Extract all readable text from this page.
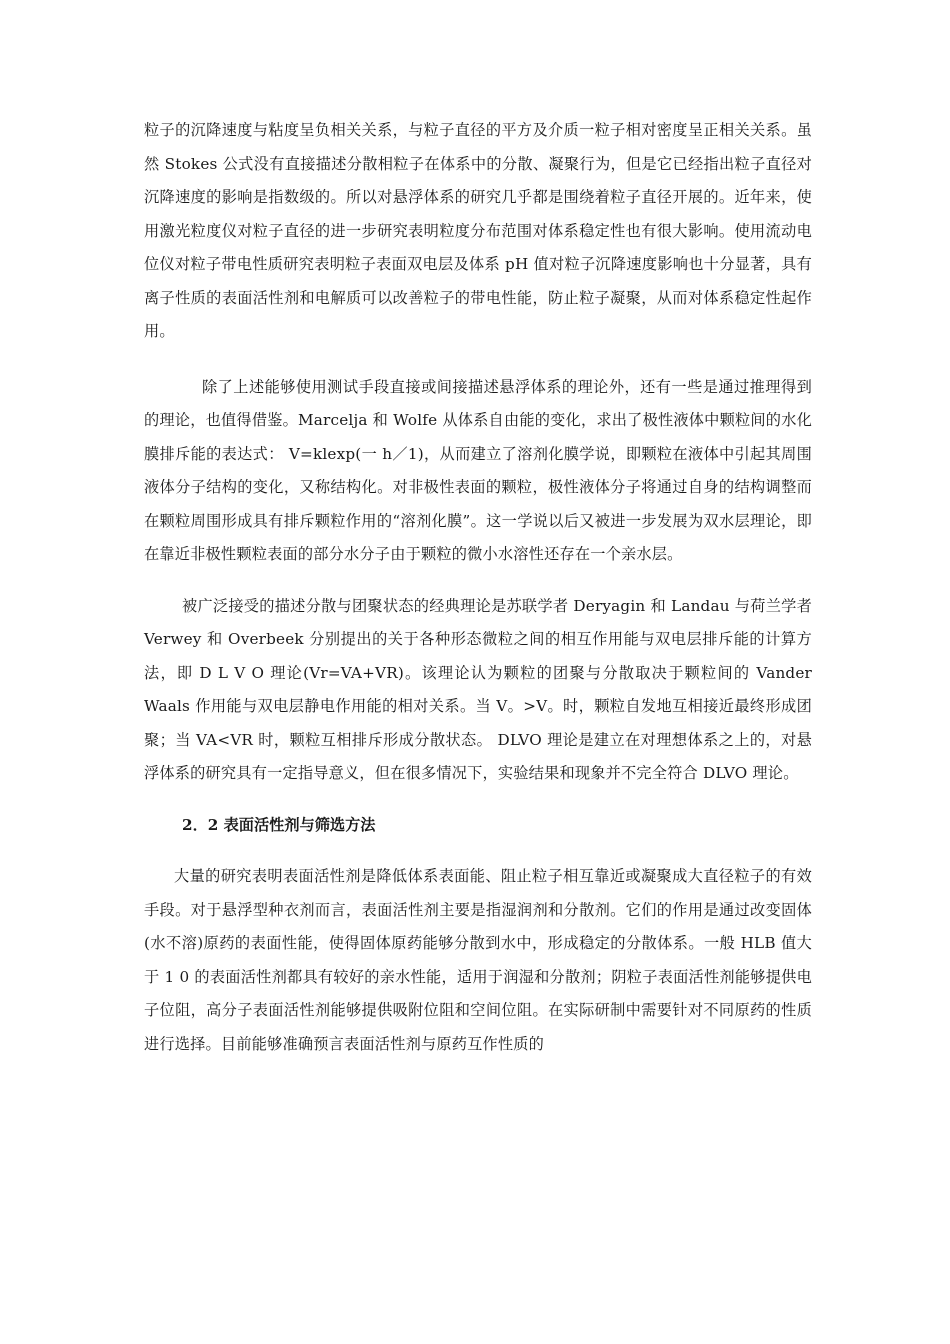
粒子的沉降速度与粘度呈负相关关系，与粒子直径的平方及介质一粒子相对密度呈正相关关系。虽然 Stokes 公式没有直接描述分散相粒子在体系中的分散、凝聚行为，但是它已经指出粒子直径对沉降速度的影响是指数级的。所以对悬浮体系的研究几乎都是围绕着粒子直径开展的。近年来，使用激光粒度仪对粒子直径的进一步研究表明粒度分布范围对体系稳定性也有很大影响。使用流动电位仪对粒子带电性质研究表明粒子表面双电层及体系 pH 值对粒子沉降速度影响也十分显著，具有离子性质的表面活性剂和电解质可以改善粒子的带电性能，防止粒子凝聚，从而对体系稳定性起作用。

除了上述能够使用测试手段直接或间接描述悬浮体系的理论外，还有一些是通过推理得到的理论，也值得借鉴。Marcelja 和 Wolfe 从体系自由能的变化，求出了极性液体中颗粒间的水化膜排斥能的表达式： V=klexp(一 h／1)，从而建立了溶剂化膜学说，即颗粒在液体中引起其周围液体分子结构的变化，又称结构化。对非极性表面的颗粒，极性液体分子将通过自身的结构调整而在颗粒周围形成具有排斥颗粒作用的“溶剂化膜”。这一学说以后又被进一步发展为双水层理论，即在靠近非极性颗粒表面的部分水分子由于颗粒的微小水溶性还存在一个亲水层。

被广泛接受的描述分散与团聚状态的经典理论是苏联学者 Deryagin 和 Landau 与荷兰学者 Verwey 和 Overbeek 分别提出的关于各种形态微粒之间的相互作用能与双电层排斥能的计算方法，即 D L V O 理论(Vr=VA+VR)。该理论认为颗粒的团聚与分散取决于颗粒间的 Vander Waals 作用能与双电层静电作用能的相对关系。当 V。>V。时，颗粒自发地互相接近最终形成团聚；当 VA<VR 时，颗粒互相排斥形成分散状态。 DLVO 理论是建立在对理想体系之上的，对悬浮体系的研究具有一定指导意义，但在很多情况下，实验结果和现象并不完全符合 DLVO 理论。

2．2 表面活性剂与筛选方法

大量的研究表明表面活性剂是降低体系表面能、阻止粒子相互靠近或凝聚成大直径粒子的有效手段。对于悬浮型种衣剂而言，表面活性剂主要是指湿润剂和分散剂。它们的作用是通过改变固体(水不溶)原药的表面性能，使得固体原药能够分散到水中，形成稳定的分散体系。一般 HLB 值大于 1 0 的表面活性剂都具有较好的亲水性能，适用于润湿和分散剂；阴粒子表面活性剂能够提供电子位阻，高分子表面活性剂能够提供吸附位阻和空间位阻。在实际研制中需要针对不同原药的性质进行选择。目前能够准确预言表面活性剂与原药互作性质的
